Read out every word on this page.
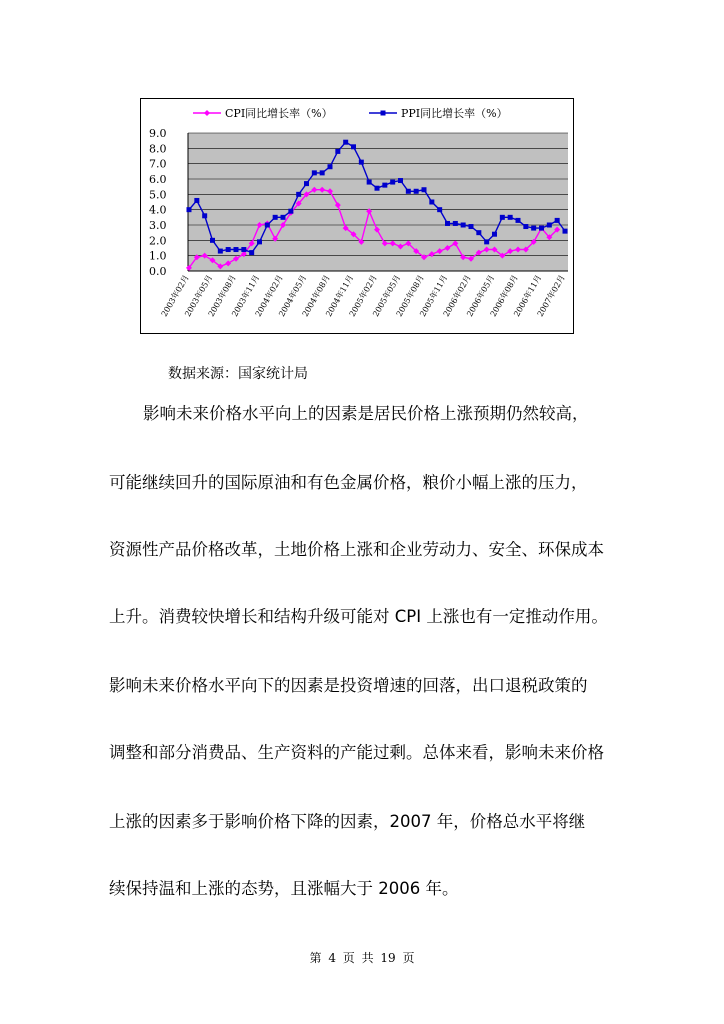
9.0
8.0
7.0
6.0
5.0
4.0
3.0
2.0
1.0
0.0
2003年02月
2003年05月
2003年08月
2003年11月
2004年02月
2004年05月
2004年08月
2004年11月
2005年02月
2005年05月
2005年08月
2005年11月
2006年02月
2006年05月
2006年08月
2006年11月
2007年02月
CPI同比增长率（%）	PPI同比增长率（%）
数据来源：国家统计局
影响未来价格水平向上的因素是居民价格上涨预期仍然较高，
可能继续回升的国际原油和有色金属价格，粮价小幅上涨的压力，
资源性产品价格改革，土地价格上涨和企业劳动力、安全、环保成本
上升。消费较快增长和结构升级可能对 CPI 上涨也有一定推动作用。
影响未来价格水平向下的因素是投资增速的回落，出口退税政策的
调整和部分消费品、生产资料的产能过剩。总体来看，影响未来价格
上涨的因素多于影响价格下降的因素，2007 年，价格总水平将继
续保持温和上涨的态势，且涨幅大于 2006 年。
第 4 页 共 19 页
